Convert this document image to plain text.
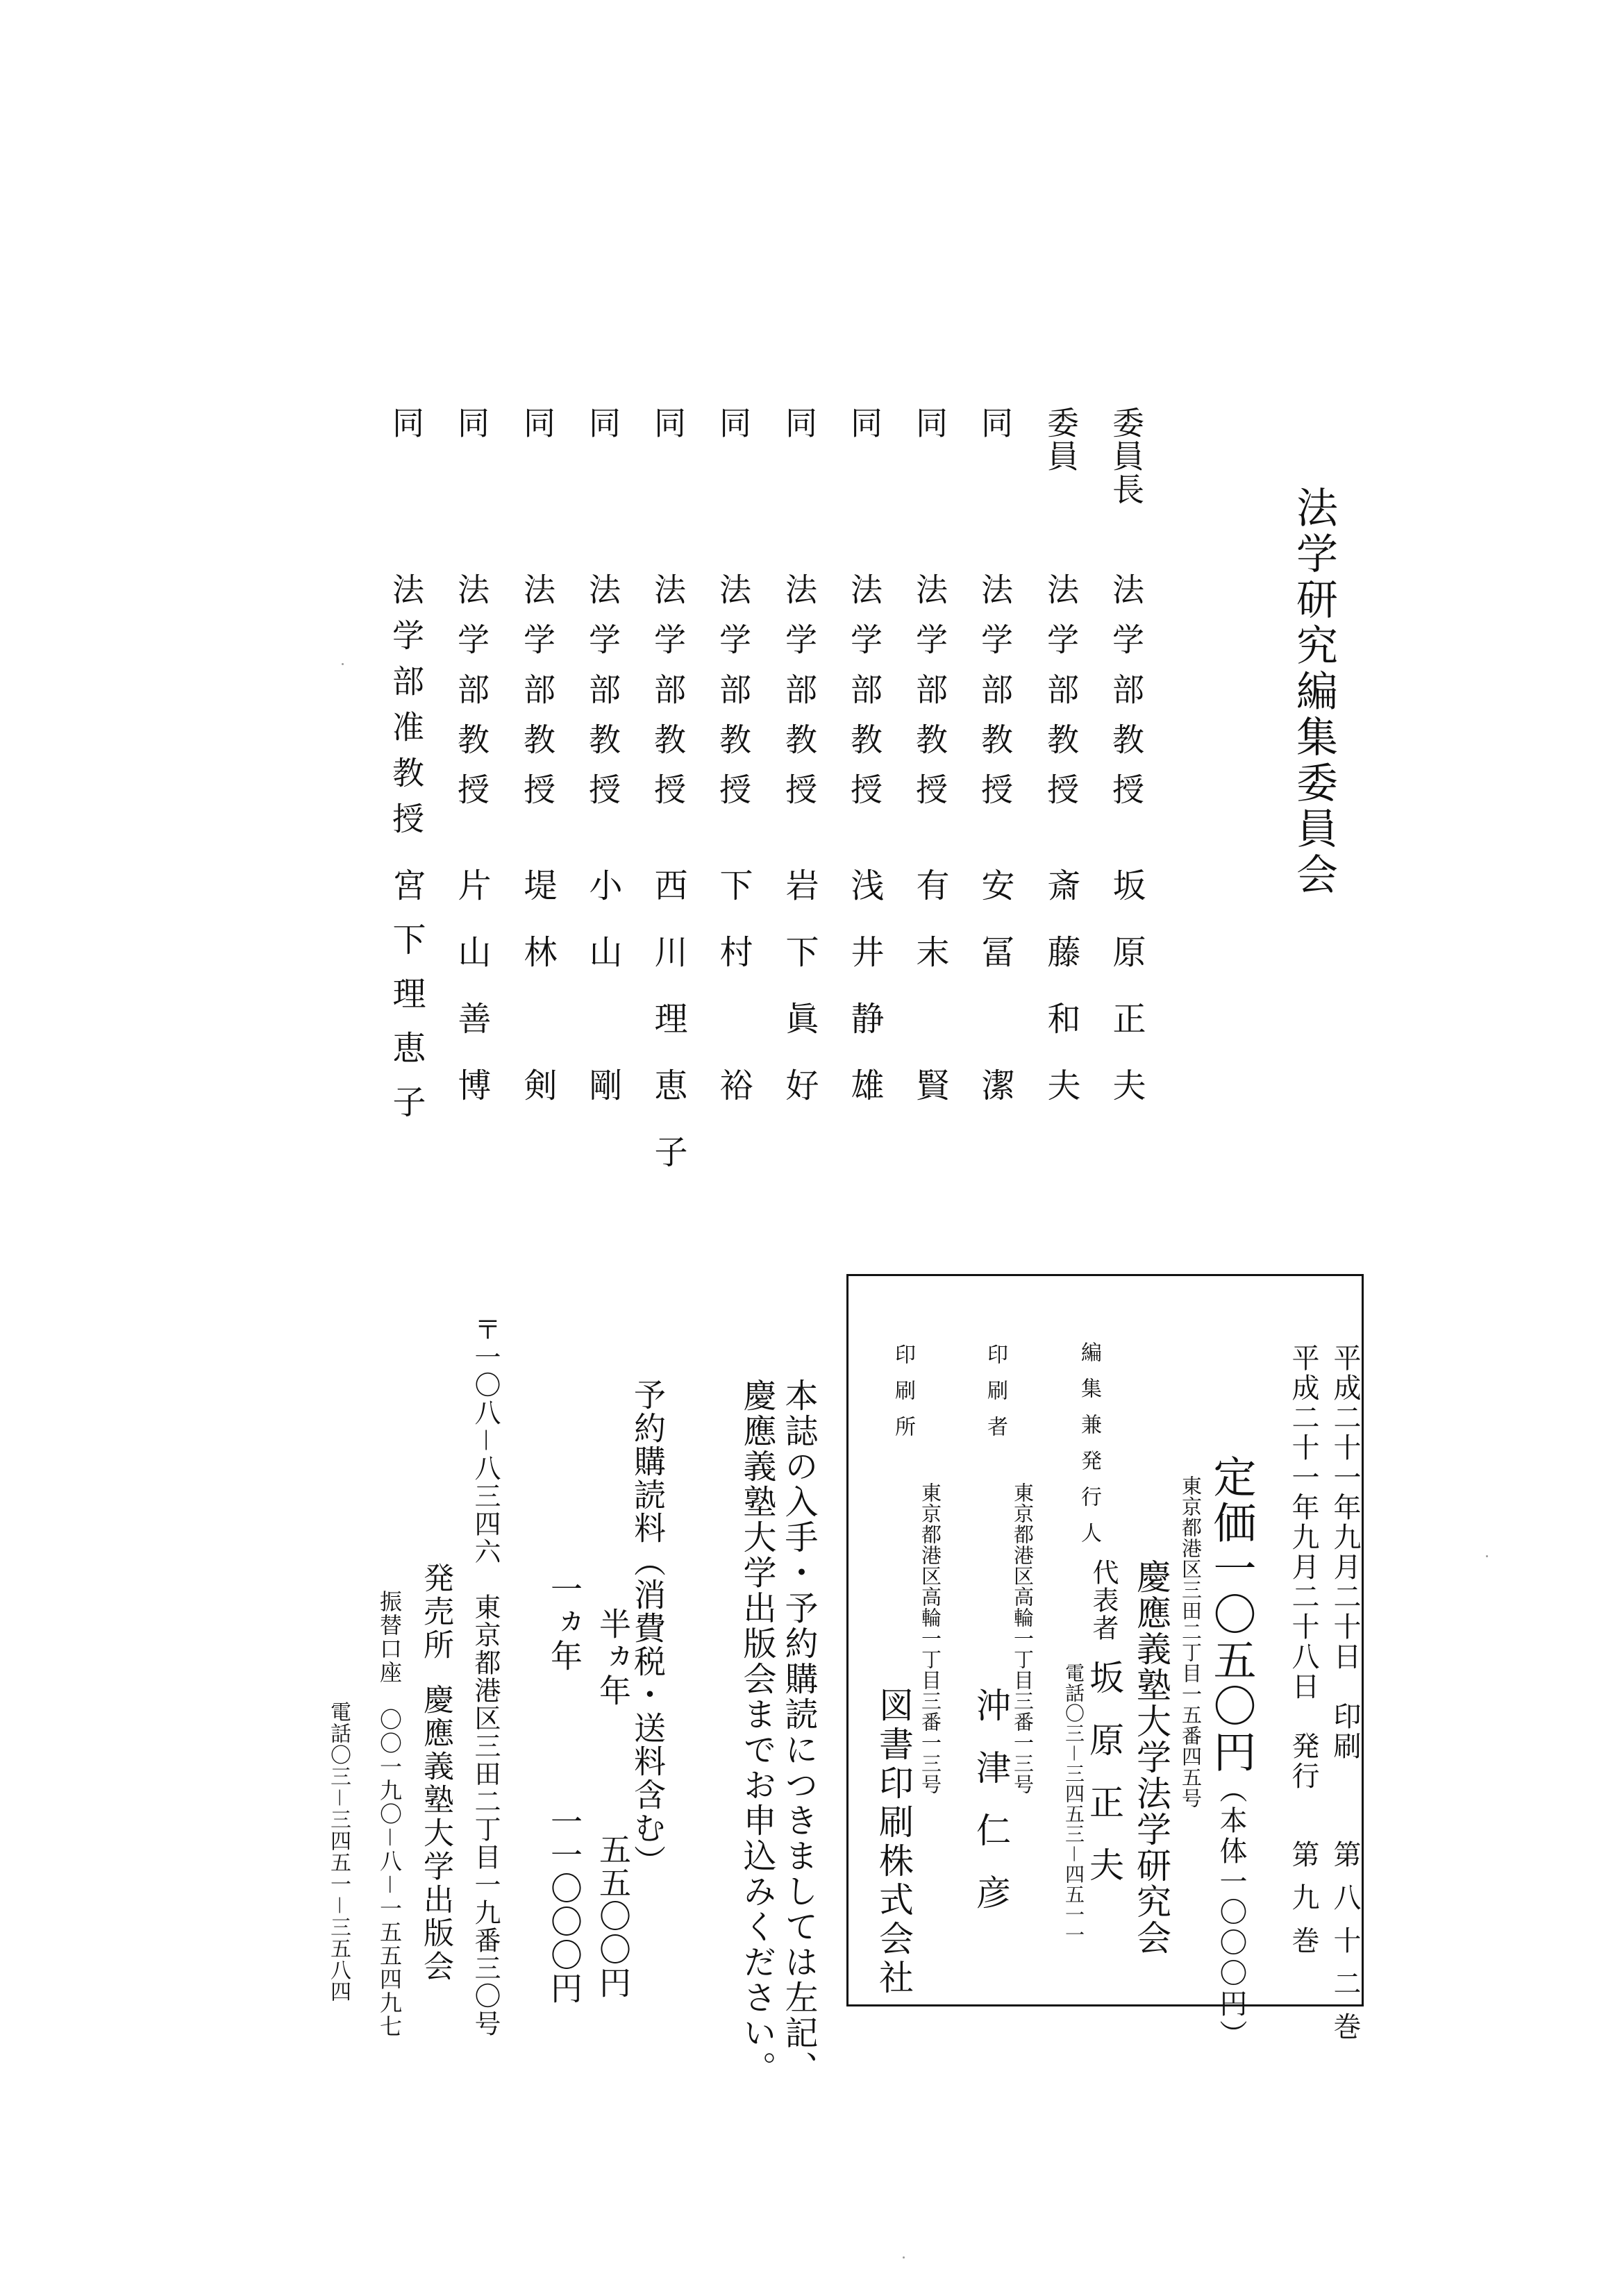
法学研究編集委員会
委員長
法学部教授
坂原正夫
委員
法学部教授
斎藤和夫
同
法学部教授
安冨　潔
同
法学部教授
有末　賢
同
法学部教授
浅井静雄
同
法学部教授
岩下眞好
同
法学部教授
下村　裕
同
法学部教授
西川理恵子
同
法学部教授
小山　剛
同
法学部教授
堤林　剣
同
法学部教授
片山善博
同
法学部准教授
宮下理恵子
平成二十一年九月二十日　印刷
平成二十一年九月二十八日　発行
第八十二巻
第九巻
定価一〇五〇円（本体一〇〇〇円）
東京都港区三田二丁目一五番四五号
編集兼発行人
慶應義塾大学法学研究会
代表者
坂原正夫
電話〇三－三四五三－四五一一
印刷者
東京都港区高輪一丁目三番一三号
沖津仁彦
印刷所
東京都港区高輪一丁目三番一三号
図書印刷株式会社
本誌の入手・予約購読につきましては左記、
慶應義塾大学出版会までお申込みください。
予約購読料（消費税・送料含む）
半ヵ年
五五〇〇円
一ヵ年
一一〇〇〇円
〒一〇八－八三四六　東京都港区三田二丁目一九番三〇号
発売所
慶應義塾大学出版会
振替口座　〇〇一九〇－八－一五五四九七
電話〇三－三四五一－三五八四
